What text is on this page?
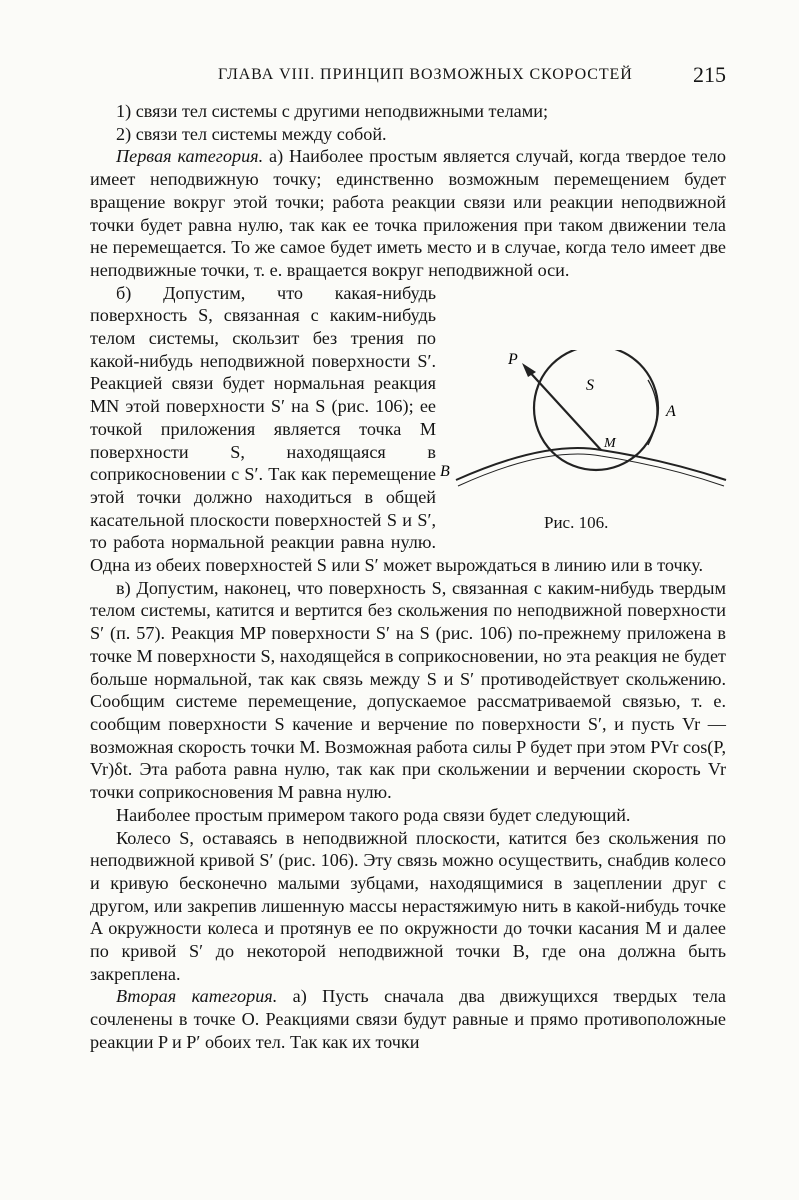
ГЛАВА VIII. ПРИНЦИП ВОЗМОЖНЫХ СКОРОСТЕЙ	215

1) связи тел системы с другими неподвижными телами;

2) связи тел системы между собой.

Первая категория. а) Наиболее простым является случай, когда твердое тело имеет неподвижную точку; единственно возможным перемещением будет вращение вокруг этой точки; работа реакции связи или реакции неподвижной точки будет равна нулю, так как ее точка приложения при таком движении тела не перемещается. То же самое будет иметь место и в случае, когда тело имеет две неподвижные точки, т. е. вращается вокруг неподвижной оси.

P
S
A
M
B
Рис. 106.

б) Допустим, что какая-нибудь поверхность S, связанная с каким-нибудь телом системы, скользит без трения по какой-нибудь неподвижной поверхности S′. Реакцией связи будет нормальная реакция MN этой поверхности S′ на S (рис. 106); ее точкой приложения является точка M поверхности S, находящаяся в соприкосновении с S′. Так как перемещение этой точки должно находиться в общей касательной плоскости поверхностей S и S′, то работа нормальной реакции равна нулю. Одна из обеих поверхностей S или S′ может вырождаться в линию или в точку.

в) Допустим, наконец, что поверхность S, связанная с каким-нибудь твердым телом системы, катится и вертится без скольжения по неподвижной поверхности S′ (п. 57). Реакция MP поверхности S′ на S (рис. 106) по-прежнему приложена в точке M поверхности S, находящейся в соприкосновении, но эта реакция не будет больше нормальной, так как связь между S и S′ противодействует скольжению. Сообщим системе перемещение, допускаемое рассматриваемой связью, т. е. сообщим поверхности S качение и верчение по поверхности S′, и пусть Vr — возможная скорость точки M. Возможная работа силы P будет при этом PVr cos(P, Vr)δt. Эта работа равна нулю, так как при скольжении и верчении скорость Vr точки соприкосновения M равна нулю.

Наиболее простым примером такого рода связи будет следующий.

Колесо S, оставаясь в неподвижной плоскости, катится без скольжения по неподвижной кривой S′ (рис. 106). Эту связь можно осуществить, снабдив колесо и кривую бесконечно малыми зубцами, находящимися в зацеплении друг с другом, или закрепив лишенную массы нерастяжимую нить в какой-нибудь точке A окружности колеса и протянув ее по окружности до точки касания M и далее по кривой S′ до некоторой неподвижной точки B, где она должна быть закреплена.

Вторая категория. а) Пусть сначала два движущихся твердых тела сочленены в точке O. Реакциями связи будут равные и прямо противоположные реакции P и P′ обоих тел. Так как их точки
